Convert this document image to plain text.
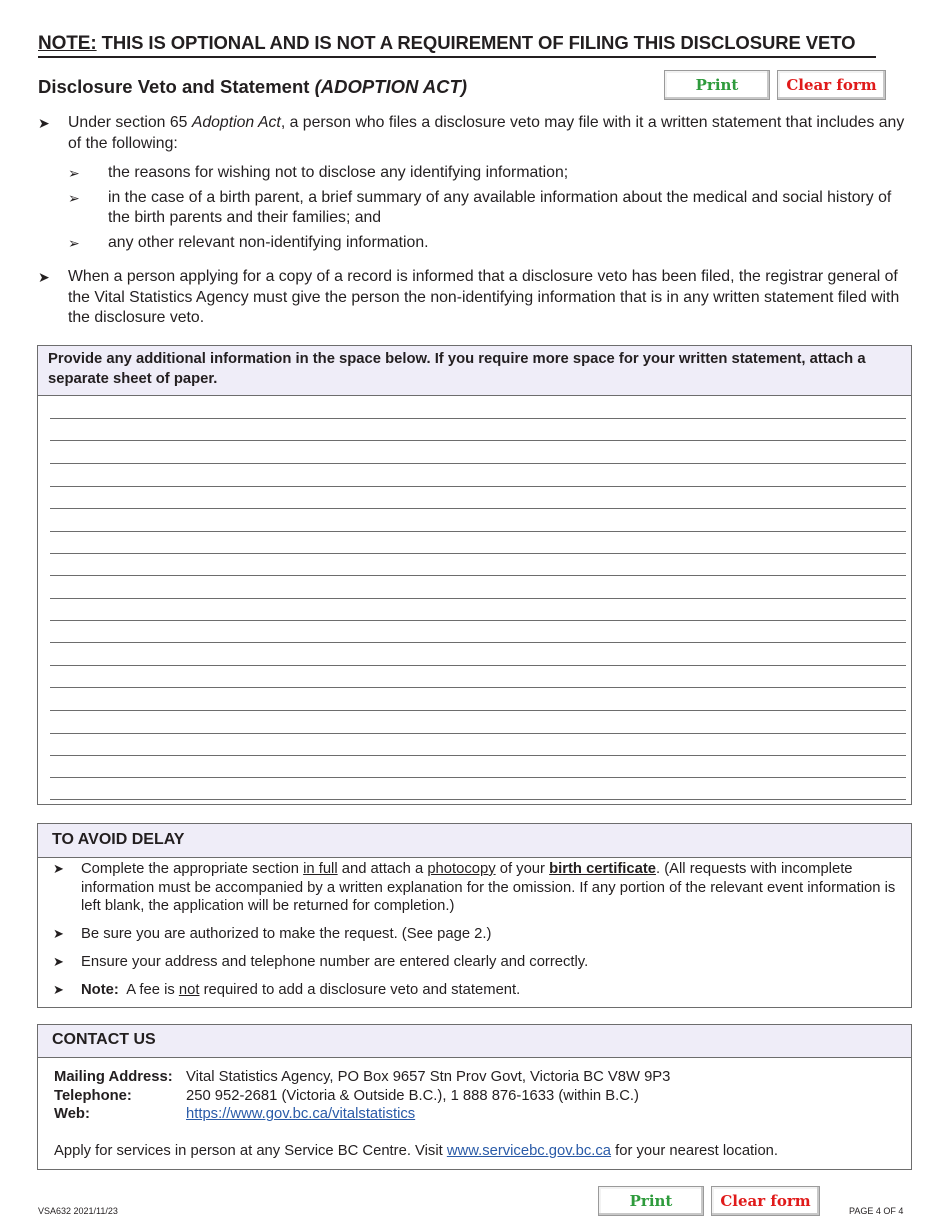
NOTE: THIS IS OPTIONAL AND IS NOT A REQUIREMENT OF FILING THIS DISCLOSURE VETO
Disclosure Veto and Statement (ADOPTION ACT)	Print	Clear form
➤ Under section 65 Adoption Act, a person who files a disclosure veto may file with it a written statement that includes any of the following:
➢ the reasons for wishing not to disclose any identifying information;
➢ in the case of a birth parent, a brief summary of any available information about the medical and social history of the birth parents and their families; and
➢ any other relevant non-identifying information.
➤ When a person applying for a copy of a record is informed that a disclosure veto has been filed, the registrar general of the Vital Statistics Agency must give the person the non-identifying information that is in any written statement filed with the disclosure veto.
Provide any additional information in the space below. If you require more space for your written statement, attach a separate sheet of paper.
TO AVOID DELAY
➤ Complete the appropriate section in full and attach a photocopy of your birth certificate. (All requests with incomplete information must be accompanied by a written explanation for the omission. If any portion of the relevant event information is left blank, the application will be returned for completion.)
➤ Be sure you are authorized to make the request. (See page 2.)
➤ Ensure your address and telephone number are entered clearly and correctly.
➤ Note:  A fee is not required to add a disclosure veto and statement.
CONTACT US
Mailing Address: Vital Statistics Agency, PO Box 9657 Stn Prov Govt, Victoria BC V8W 9P3
Telephone:	250 952-2681 (Victoria & Outside B.C.), 1 888 876-1633 (within B.C.)
Web:	https://www.gov.bc.ca/vitalstatistics
Apply for services in person at any Service BC Centre. Visit www.servicebc.gov.bc.ca for your nearest location.
VSA632 2021/11/23
Print	Clear form
PAGE 4 OF 4
